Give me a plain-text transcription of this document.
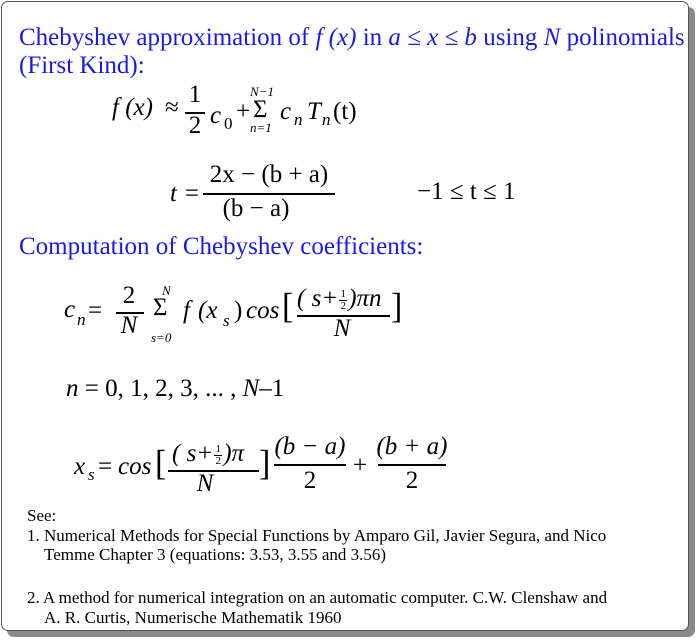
Chebyshev approximation of f (x) in a ≤ x ≤ b using N polinomials
(First Kind):
f (x) ≈ 1
2 c 0 +
N−1
Σ
n=1
c n T n (t)
t =
2x − (b + a)
(b − a)
−1 ≤ t ≤ 1
Computation of Chebyshev coefficients:
c n =
2
N
N
Σ
s=0
f (x s ) cos [ ( $s+ \frac{1}{2} )\pi n$
N
]
n = 0, 1, 2, 3, ... , N–1
x s = cos [ ( $s+ \frac{1}{2} )\pi$
N
] (b − a)
2
+
(b + a)
2
See:
1. Numerical Methods for Special Functions by Amparo Gil, Javier Segura, and Nico
Temme Chapter 3 (equations: 3.53, 3.55 and 3.56)
2. A method for numerical integration on an automatic computer. C.W. Clenshaw and
A. R. Curtis, Numerische Mathematik 1960
